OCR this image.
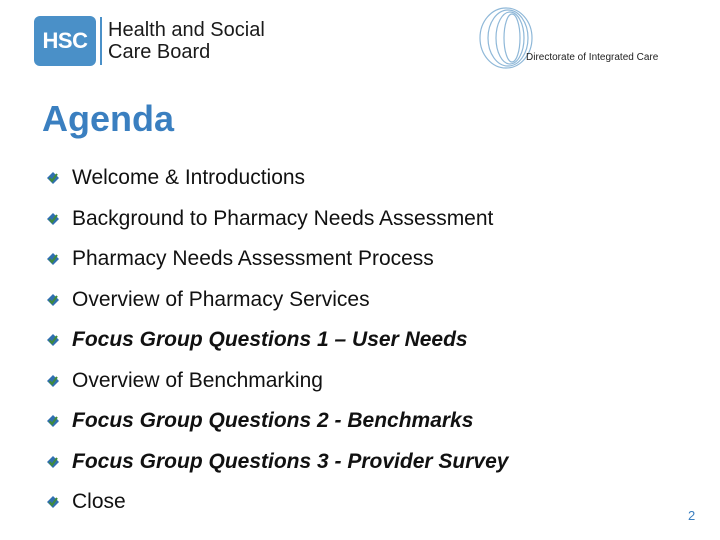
HSC	Health and Social
Care Board	Directorate of Integrated Care
Agenda
Welcome & Introductions
Background to Pharmacy Needs Assessment
Pharmacy Needs Assessment Process
Overview of Pharmacy Services
Focus Group Questions 1 – User Needs
Overview of Benchmarking
Focus Group Questions 2 - Benchmarks
Focus Group Questions 3 - Provider Survey
Close
2
